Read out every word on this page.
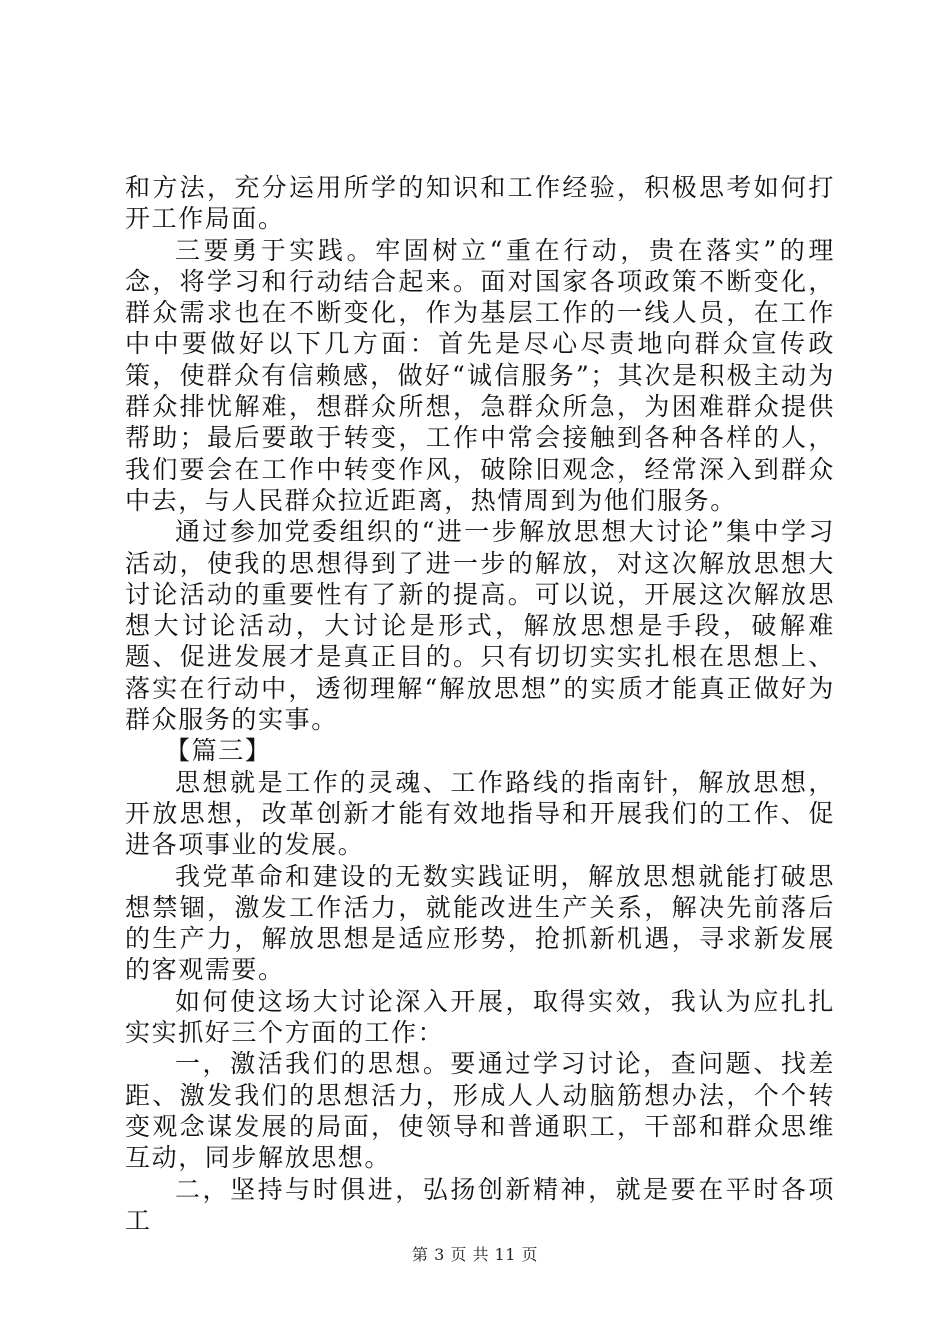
和方法，充分运用所学的知识和工作经验，积极思考如何打开工作局面。

三要勇于实践。牢固树立“重在行动，贵在落实”的理念，将学习和行动结合起来。面对国家各项政策不断变化，群众需求也在不断变化，作为基层工作的一线人员，在工作中中要做好以下几方面：首先是尽心尽责地向群众宣传政策，使群众有信赖感，做好“诚信服务”；其次是积极主动为群众排忧解难，想群众所想，急群众所急，为困难群众提供帮助；最后要敢于转变，工作中常会接触到各种各样的人，我们要会在工作中转变作风，破除旧观念，经常深入到群众中去，与人民群众拉近距离，热情周到为他们服务。

通过参加党委组织的“进一步解放思想大讨论”集中学习活动，使我的思想得到了进一步的解放，对这次解放思想大讨论活动的重要性有了新的提高。可以说，开展这次解放思想大讨论活动，大讨论是形式，解放思想是手段，破解难题、促进发展才是真正目的。只有切切实实扎根在思想上、落实在行动中，透彻理解“解放思想”的实质才能真正做好为群众服务的实事。

【篇三】

思想就是工作的灵魂、工作路线的指南针，解放思想，开放思想，改革创新才能有效地指导和开展我们的工作、促进各项事业的发展。

我党革命和建设的无数实践证明，解放思想就能打破思想禁锢，激发工作活力，就能改进生产关系，解决先前落后的生产力，解放思想是适应形势，抢抓新机遇，寻求新发展的客观需要。

如何使这场大讨论深入开展，取得实效，我认为应扎扎实实抓好三个方面的工作：

一，激活我们的思想。要通过学习讨论，查问题、找差距、激发我们的思想活力，形成人人动脑筋想办法，个个转变观念谋发展的局面，使领导和普通职工，干部和群众思维互动，同步解放思想。

二，坚持与时俱进，弘扬创新精神，就是要在平时各项工

第 3 页 共 11 页
